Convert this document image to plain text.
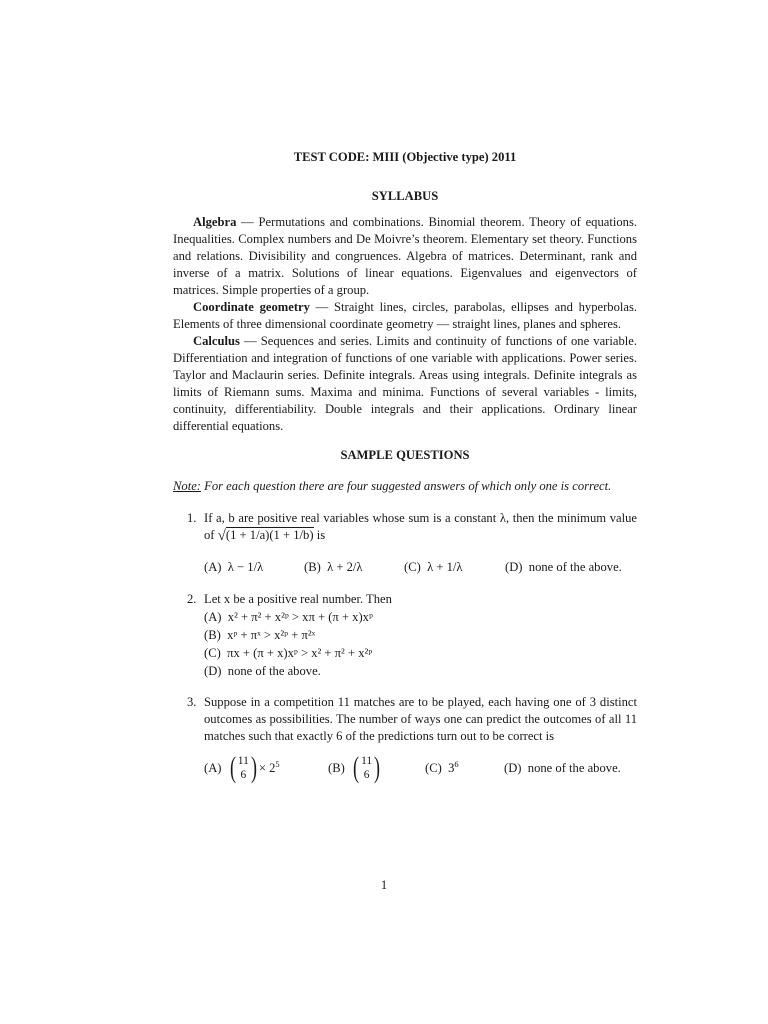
TEST CODE: MIII (Objective type) 2011
SYLLABUS

Algebra — Permutations and combinations. Binomial theorem. Theory of equations. Inequalities. Complex numbers and De Moivre’s theorem. Elementary set theory. Functions and relations. Divisibility and congruences. Algebra of matrices. Determinant, rank and inverse of a matrix. Solutions of linear equations. Eigenvalues and eigenvectors of matrices. Simple properties of a group.

Coordinate geometry — Straight lines, circles, parabolas, ellipses and hyperbolas. Elements of three dimensional coordinate geometry — straight lines, planes and spheres.

Calculus — Sequences and series. Limits and continuity of functions of one variable. Differentiation and integration of functions of one variable with applications. Power series. Taylor and Maclaurin series. Definite integrals. Areas using integrals. Definite integrals as limits of Riemann sums. Maxima and minima. Functions of several variables - limits, continuity, differentiability. Double integrals and their applications. Ordinary linear differential equations.

SAMPLE QUESTIONS

Note: For each question there are four suggested answers of which only one is correct.

1. If a, b are positive real variables whose sum is a constant λ, then the minimum value of √(1 + 1/a)(1 + 1/b) is
(A) λ − 1/λ	(B) λ + 2/λ	(C) λ + 1/λ	(D) none of the above.
2. Let x be a positive real number. Then
(A) x² + π² + x²ᵖ > xπ + (π + x)xᵖ
(B) xᵖ + πˣ > x²ᵖ + π²ˣ
(C) πx + (π + x)xᵖ > x² + π² + x²ᵖ
(D) none of the above.
3. Suppose in a competition 11 matches are to be played, each having one of 3 distinct outcomes as possibilities. The number of ways one can predict the outcomes of all 11 matches such that exactly 6 of the predictions turn out to be correct is
(A)
( 11
6 ) × $2^5$	(B)
( 11
6 )	(C) $3^6$	(D) none of the above.
1
